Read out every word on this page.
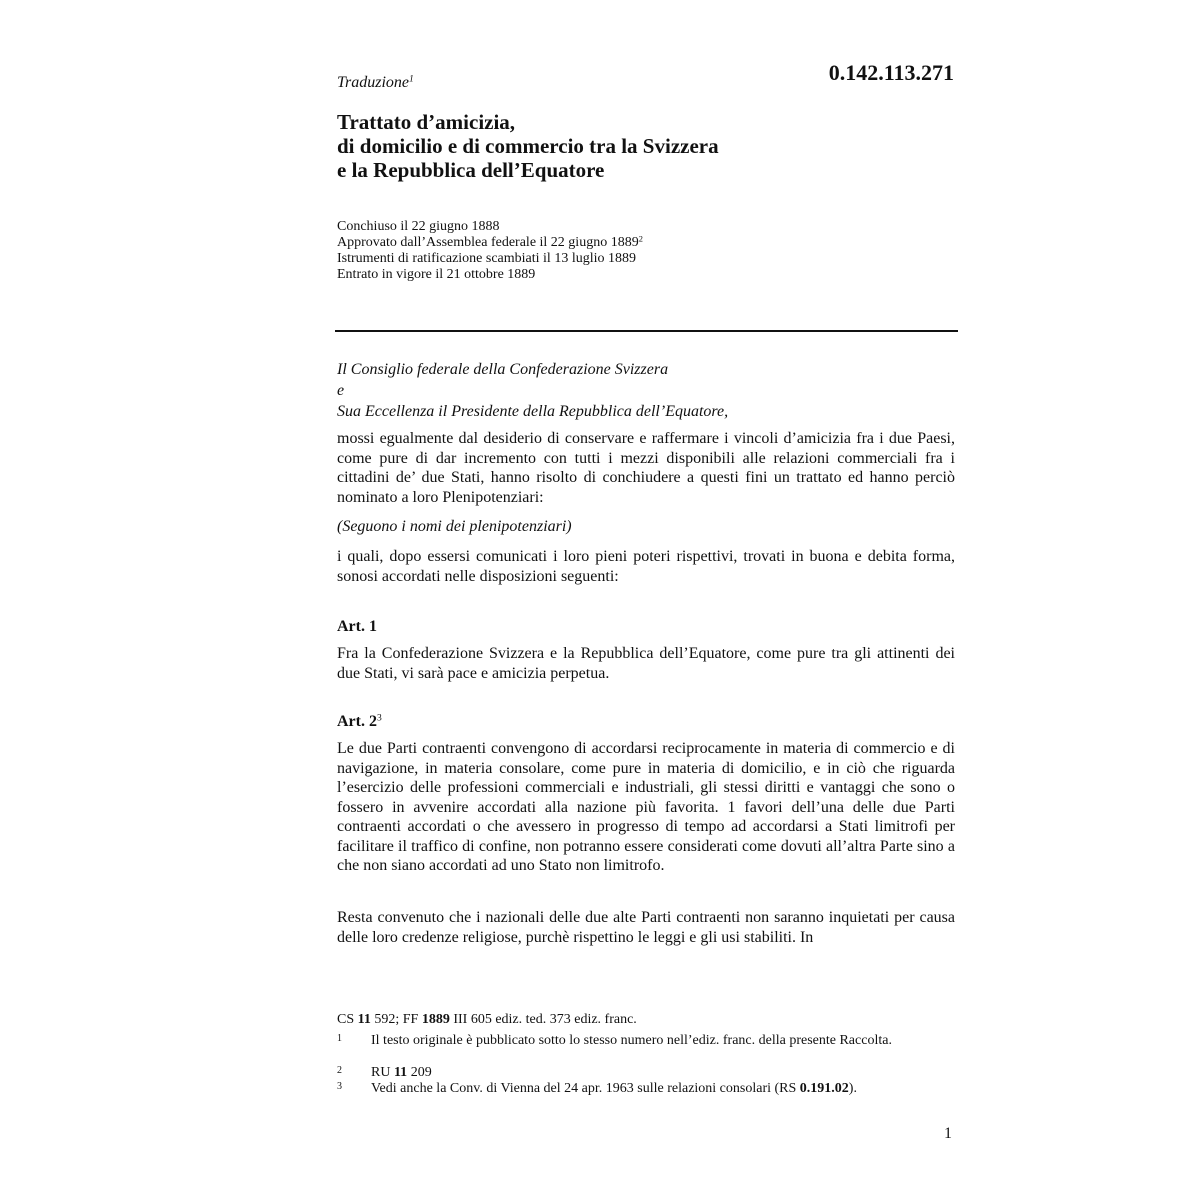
Traduzione$^1$	0.142.113.271
Trattato d’amicizia,
di domicilio e di commercio tra la Svizzera
e la Repubblica dell’Equatore
Conchiuso il 22 giugno 1888
Approvato dall’Assemblea federale il 22 giugno 1889$^2$
Istrumenti di ratificazione scambiati il 13 luglio 1889
Entrato in vigore il 21 ottobre 1889
Il Consiglio federale della Confederazione Svizzera
e
Sua Eccellenza il Presidente della Repubblica dell’Equatore,
mossi egualmente dal desiderio di conservare e raffermare i vincoli d’amicizia fra i due Paesi, come pure di dar incremento con tutti i mezzi disponibili alle relazioni commerciali fra i cittadini de’ due Stati, hanno risolto di conchiudere a questi fini un trattato ed hanno perciò nominato a loro Plenipotenziari:
(Seguono i nomi dei plenipotenziari)
i quali, dopo essersi comunicati i loro pieni poteri rispettivi, trovati in buona e debita forma, sonosi accordati nelle disposizioni seguenti:
Art. 1
Fra la Confederazione Svizzera e la Repubblica dell’Equatore, come pure tra gli attinenti dei due Stati, vi sarà pace e amicizia perpetua.
Art. $2^3$
Le due Parti contraenti convengono di accordarsi reciprocamente in materia di commercio e di navigazione, in materia consolare, come pure in materia di domicilio, e in ciò che riguarda l’esercizio delle professioni commerciali e industriali, gli stessi diritti e vantaggi che sono o fossero in avvenire accordati alla nazione più favorita. 1 favori dell’una delle due Parti contraenti accordati o che avessero in progresso di tempo ad accordarsi a Stati limitrofi per facilitare il traffico di confine, non potranno essere considerati come dovuti all’altra Parte sino a che non siano accordati ad uno Stato non limitrofo.
Resta convenuto che i nazionali delle due alte Parti contraenti non saranno inquietati per causa delle loro credenze religiose, purchè rispettino le leggi e gli usi stabiliti. In
CS 11 592; FF 1889 III 605 ediz. ted. 373 ediz. franc.
1 Il testo originale è pubblicato sotto lo stesso numero nell’ediz. franc. della presente Raccolta.
2 RU 11 209
3 Vedi anche la Conv. di Vienna del 24 apr. 1963 sulle relazioni consolari (RS 0.191.02).
1
